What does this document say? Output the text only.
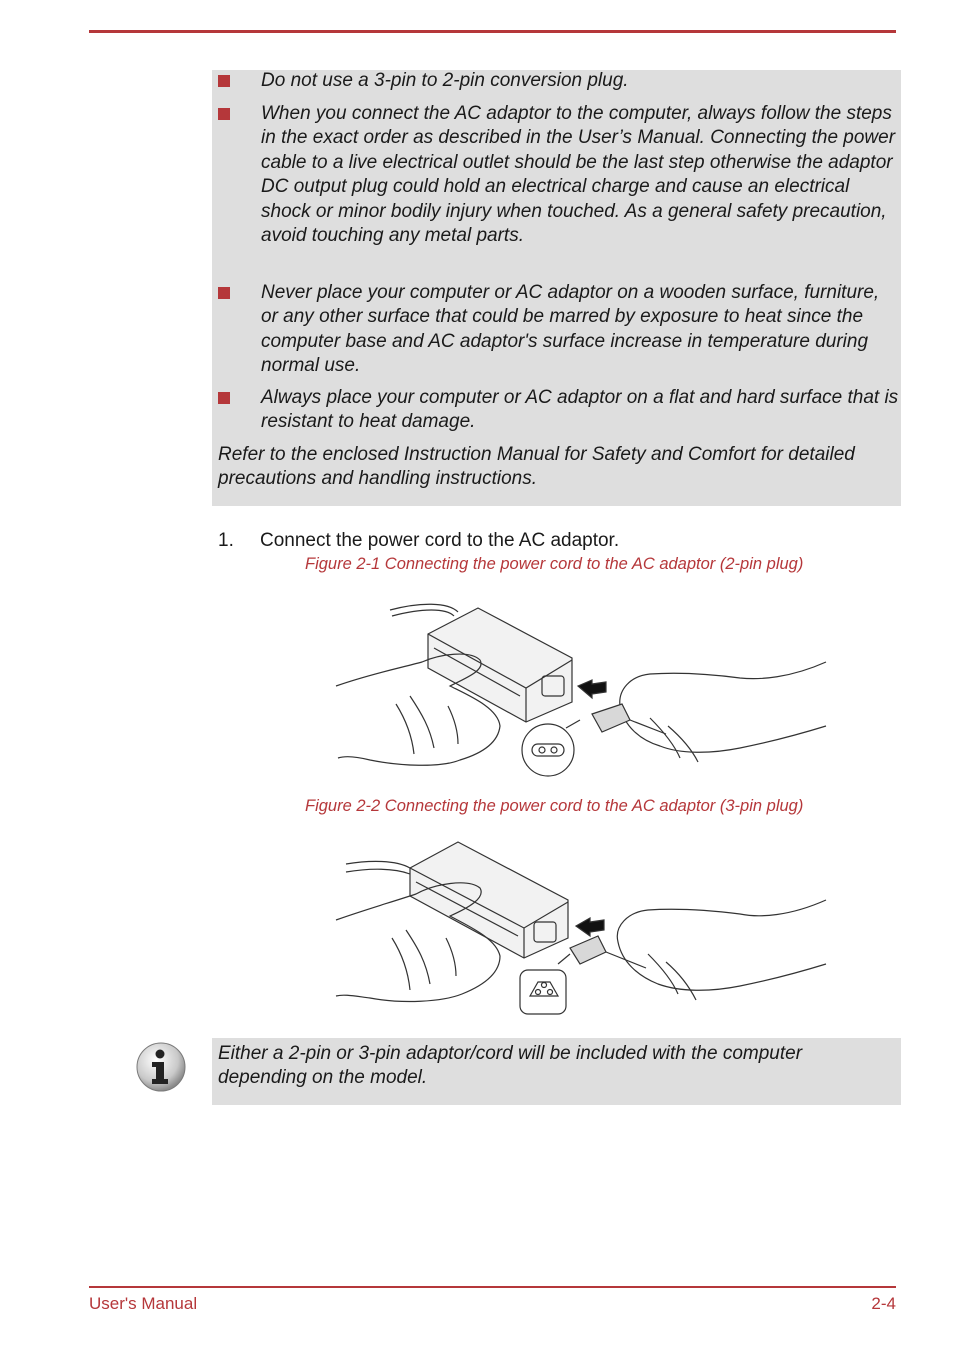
Do not use a 3-pin to 2-pin conversion plug.

When you connect the AC adaptor to the computer, always follow the steps in the exact order as described in the User’s Manual. Connecting the power cable to a live electrical outlet should be the last step otherwise the adaptor DC output plug could hold an electrical charge and cause an electrical shock or minor bodily injury when touched. As a general safety precaution, avoid touching any metal parts.

Never place your computer or AC adaptor on a wooden surface, furniture, or any other surface that could be marred by exposure to heat since the computer base and AC adaptor's surface increase in temperature during normal use.

Always place your computer or AC adaptor on a flat and hard surface that is resistant to heat damage.

Refer to the enclosed Instruction Manual for Safety and Comfort for detailed precautions and handling instructions.

1. Connect the power cord to the AC adaptor.
Figure 2-1 Connecting the power cord to the AC adaptor (2-pin plug)
Figure 2-2 Connecting the power cord to the AC adaptor (3-pin plug)

Either a 2-pin or 3-pin adaptor/cord will be included with the computer depending on the model.

User's Manual	2-4
